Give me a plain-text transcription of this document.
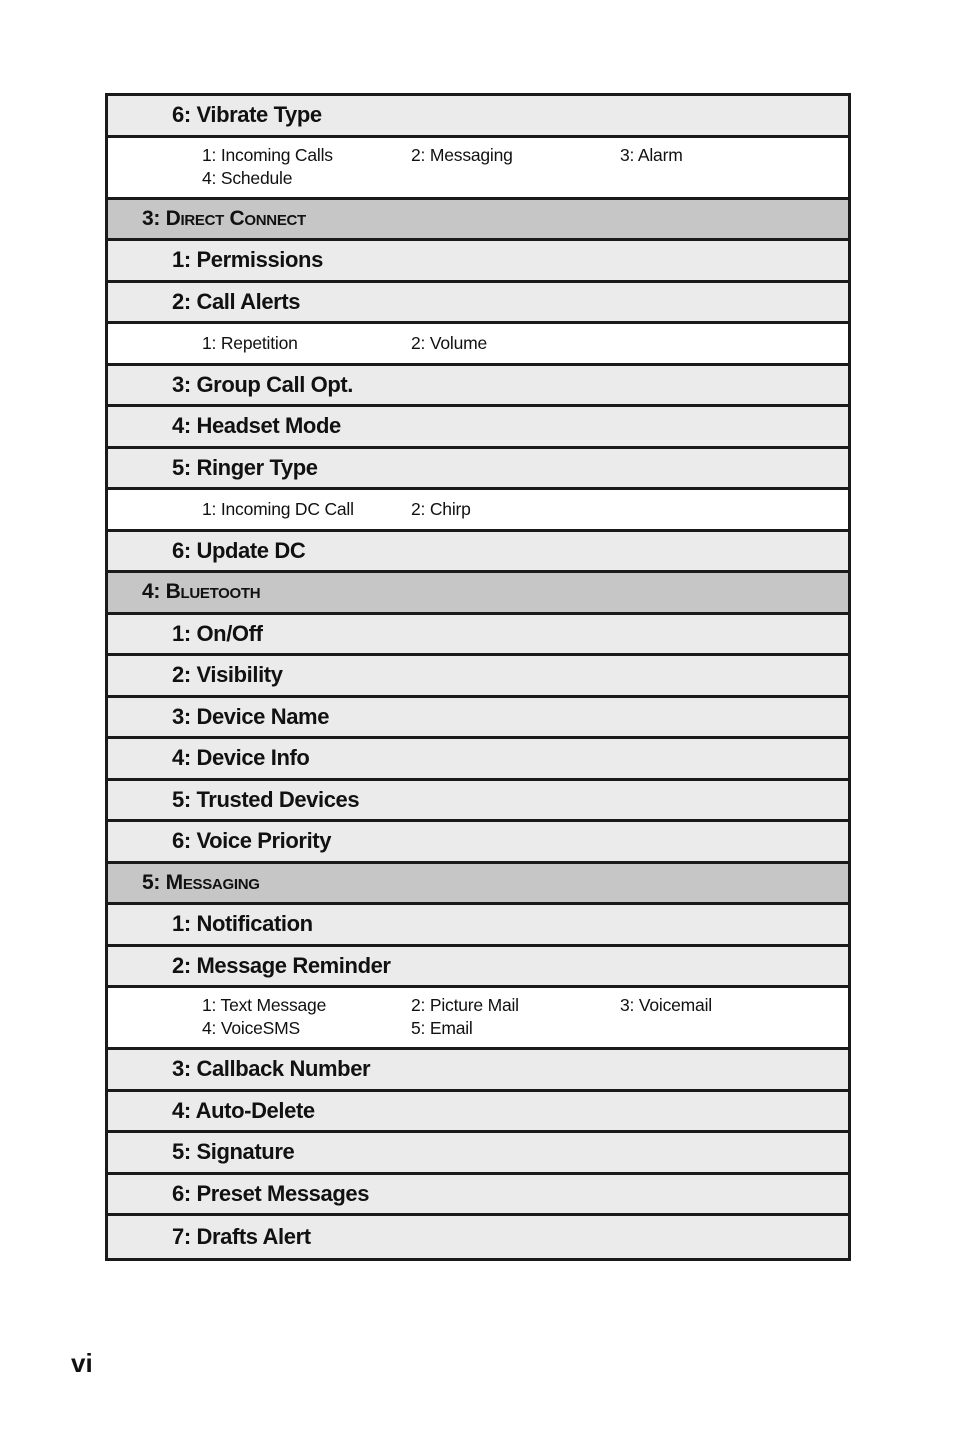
6: Vibrate Type
1: Incoming Calls	2: Messaging	3: Alarm
4: Schedule
3: Direct Connect
1: Permissions
2: Call Alerts
1: Repetition	2: Volume
3: Group Call Opt.
4: Headset Mode
5: Ringer Type
1: Incoming DC Call	2: Chirp
6: Update DC
4: Bluetooth
1: On/Off
2: Visibility
3: Device Name
4: Device Info
5: Trusted Devices
6: Voice Priority
5: Messaging
1: Notification
2: Message Reminder
1: Text Message	2: Picture Mail	3: Voicemail
4: VoiceSMS	5: Email
3: Callback Number
4: Auto-Delete
5: Signature
6: Preset Messages
7: Drafts Alert
vi
